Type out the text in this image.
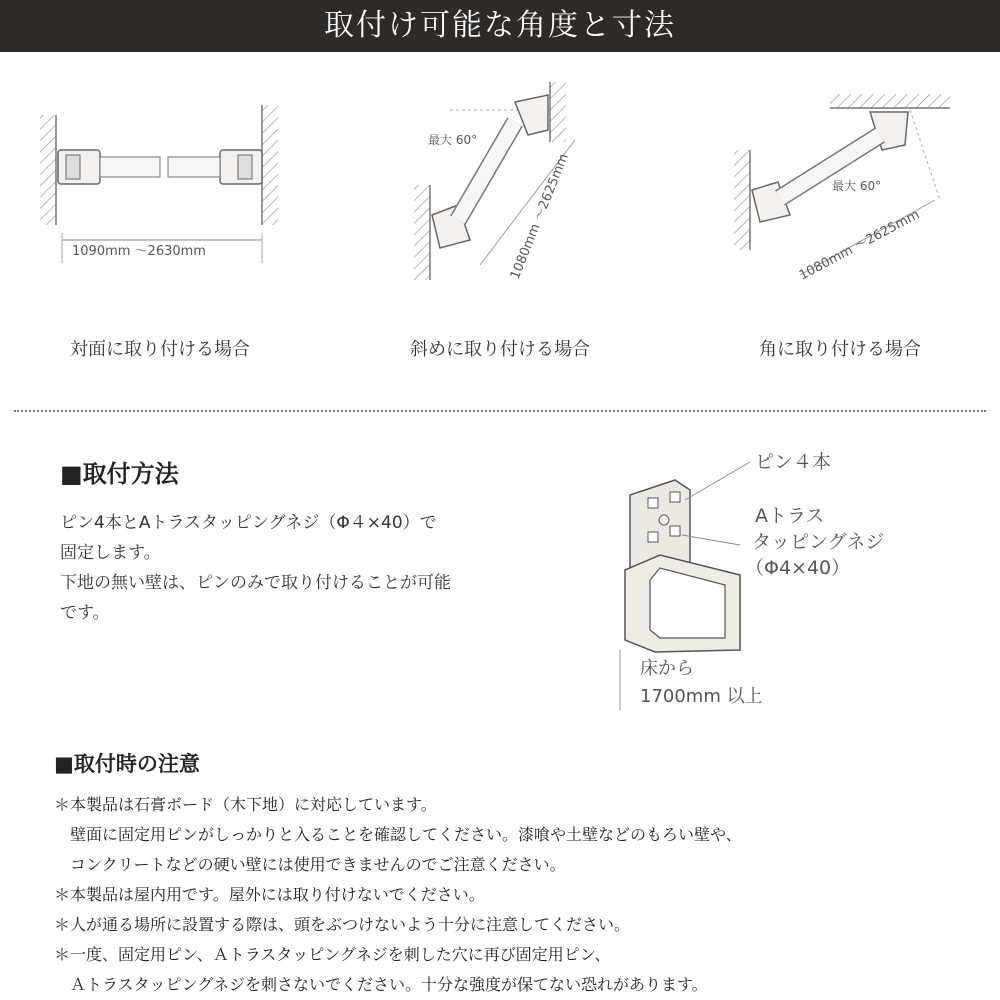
取付け可能な角度と寸法
1090mm ～2630mm
最大 60°
1080mm ～2625mm	最大 60°
1080mm ～2625mm
対面に取り付ける場合	斜めに取り付ける場合	角に取り付ける場合
■取付方法

ピン4本とAトラスタッピングネジ（Φ４×40）で

固定します。

下地の無い壁は、ピンのみで取り付けることが可能

です。

ピン４本
Aトラス
タッピングネジ
（Φ4×40）
床から
1700mm 以上
■取付時の注意

＊本製品は石膏ボード（木下地）に対応しています。

　壁面に固定用ピンがしっかりと入ることを確認してください。漆喰や土壁などのもろい壁や、

　コンクリートなどの硬い壁には使用できませんのでご注意ください。

＊本製品は屋内用です。屋外には取り付けないでください。

＊人が通る場所に設置する際は、頭をぶつけないよう十分に注意してください。

＊一度、固定用ピン、Ａトラスタッピングネジを刺した穴に再び固定用ピン、

　Ａトラスタッピングネジを刺さないでください。十分な強度が保てない恐れがあります。
